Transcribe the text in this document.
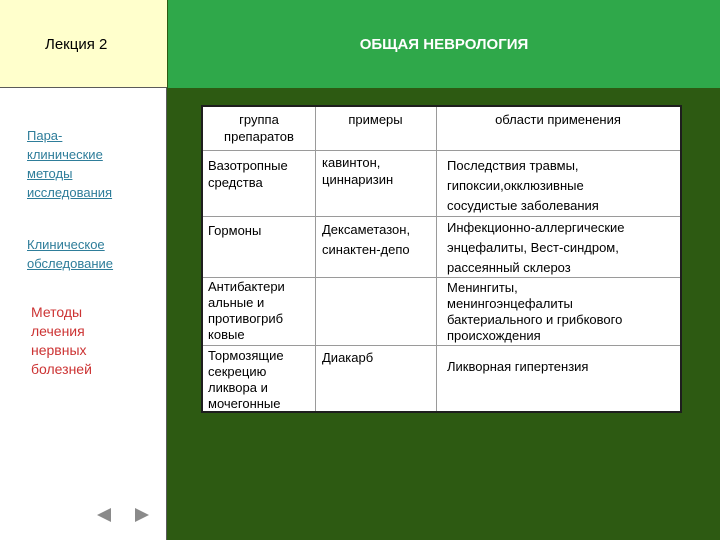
Лекция 2
Пара-
клинические
методы
исследования
Клиническое
обследование
Методы
лечения
нервных
болезней
ОБЩАЯ НЕВРОЛОГИЯ
группа
препаратов
примеры	области применения
Вазотропные
средства
кавинтон,
циннаризин
Последствия травмы,
гипоксии,окклюзивные
сосудистые заболевания
Гормоны	Дексаметазон,
синактен-депо
Инфекционно-аллергические
энцефалиты, Вест-синдром,
рассеянный склероз
Антибактери
альные и
противогриб
ковые
Менингиты,
менингоэнцефалиты
бактериального и грибкового
происхождения
Тормозящие
секрецию
ликвора и
мочегонные
Диакарб
Ликворная гипертензия
